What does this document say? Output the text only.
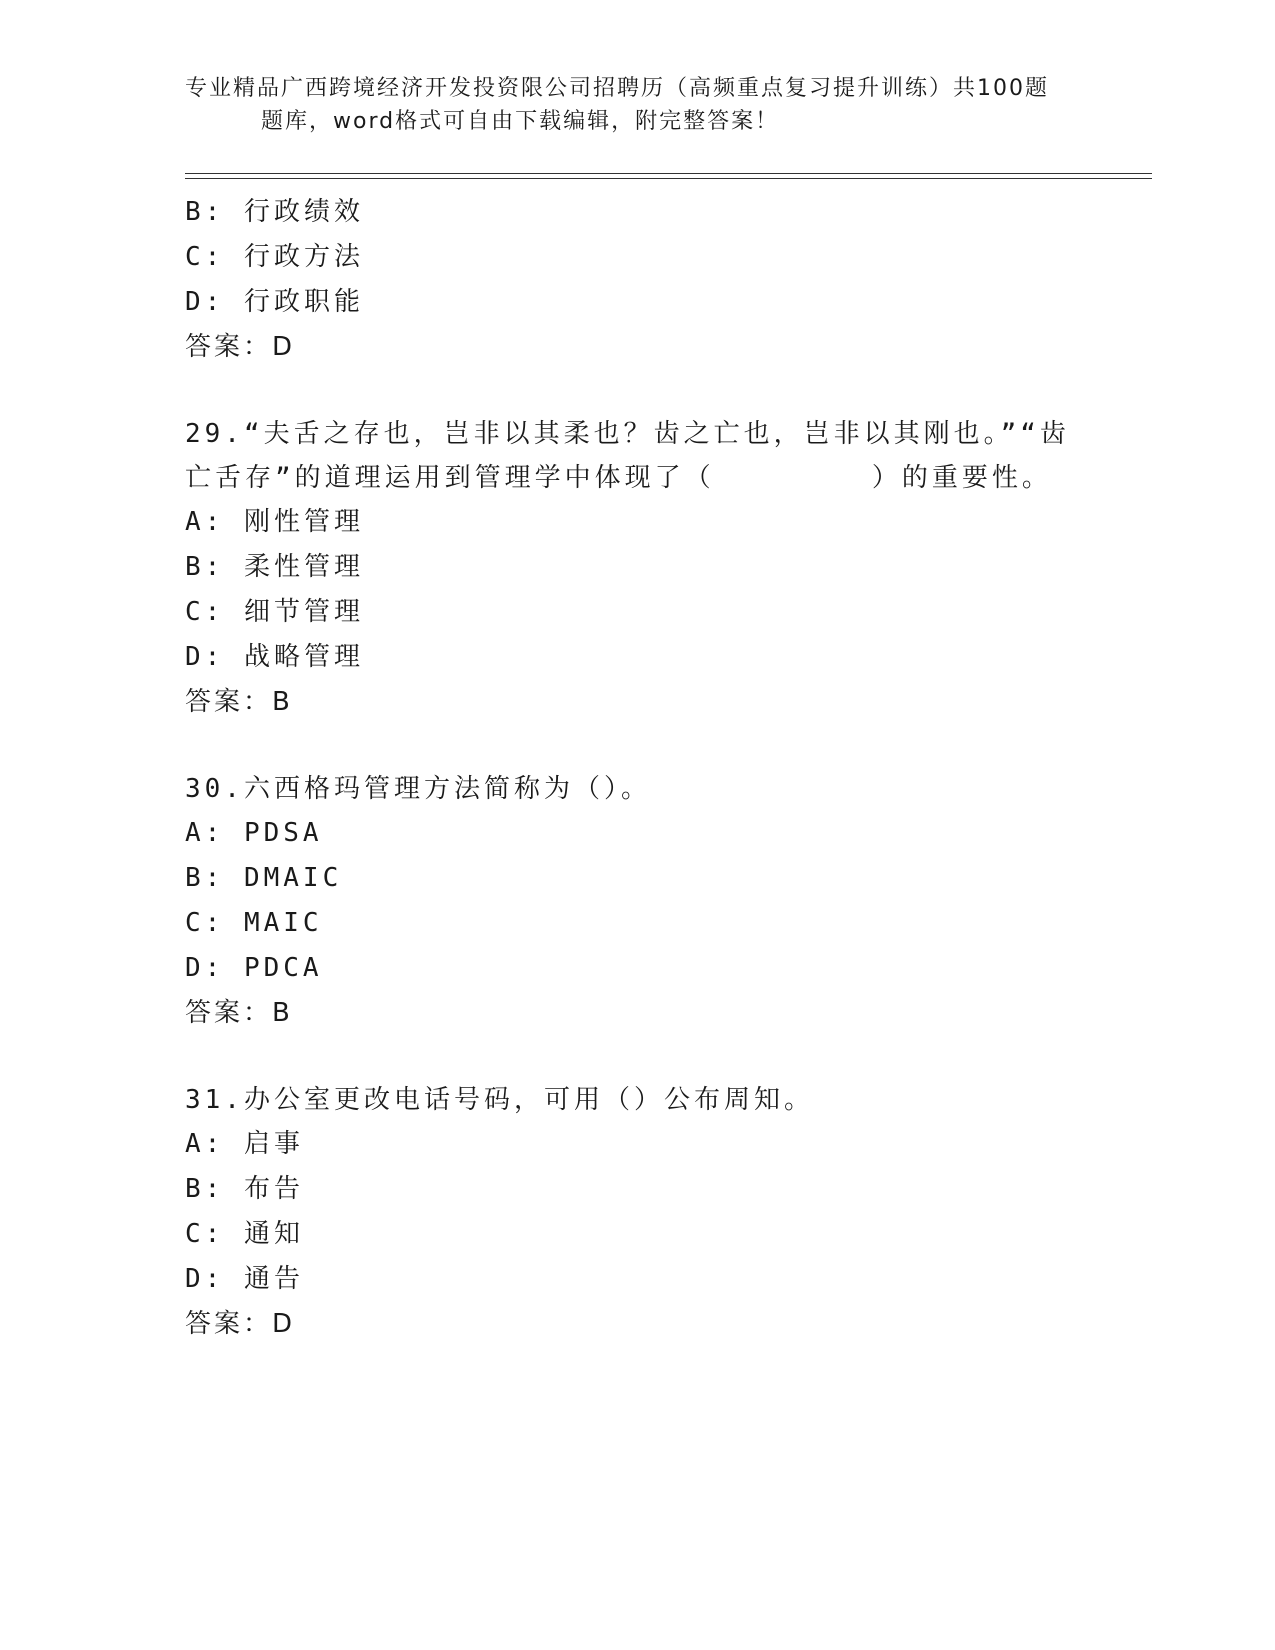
专业精品广西跨境经济开发投资限公司招聘历（高频重点复习提升训练）共100题
题库，word格式可自由下载编辑，附完整答案！
B: 行政绩效
C: 行政方法
D: 行政职能
答案：D
29.“夫舌之存也，岂非以其柔也？齿之亡也，岂非以其刚也。”“齿
亡舌存”的道理运用到管理学中体现了（        ）的重要性。
A: 刚性管理
B: 柔性管理
C: 细节管理
D: 战略管理
答案：B
30.六西格玛管理方法简称为（）。
A: PDSA
B: DMAIC
C: MAIC
D: PDCA
答案：B
31.办公室更改电话号码，可用（）公布周知。
A: 启事
B: 布告
C: 通知
D: 通告
答案：D
